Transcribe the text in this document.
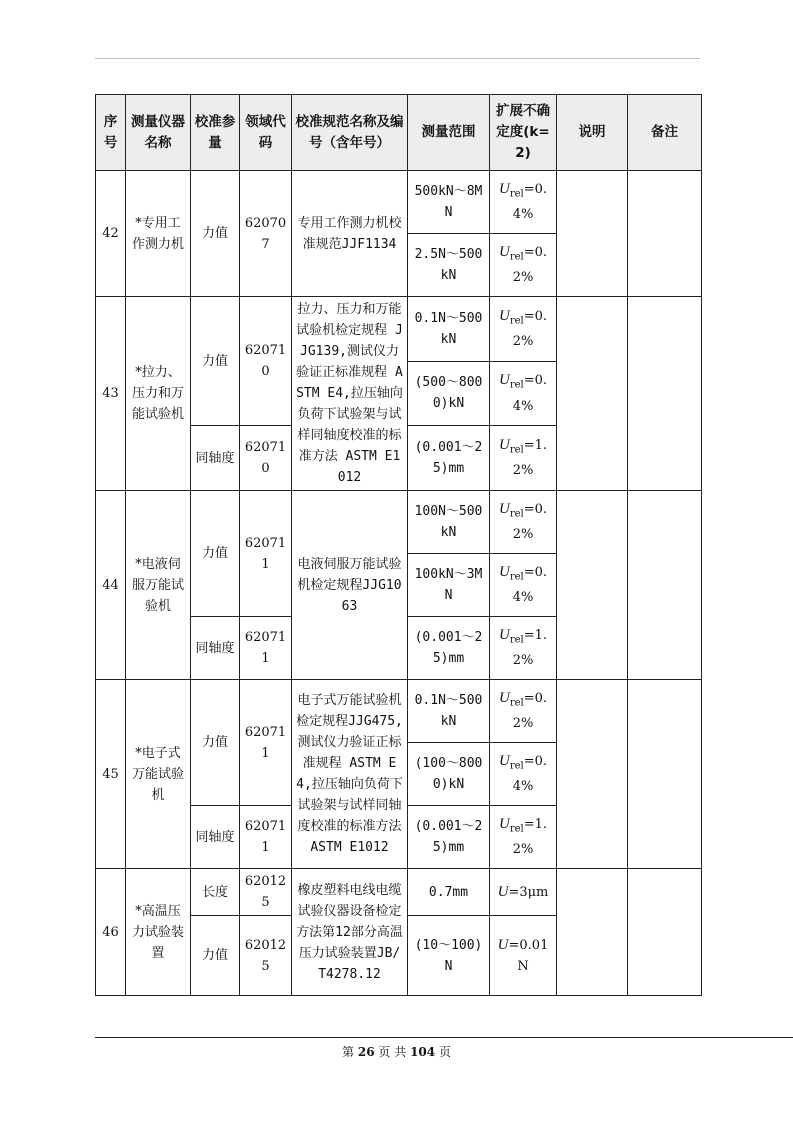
序号	测量仪器名称	校准参量	领域代码	校准规范名称及编号（含年号）	测量范围	扩展不确定度(k=2)	说明	备注
42	*专用工作测力机	力值	620707	专用工作测力机校准规范JJF1134	500kN～8MN	$U_{rel}=0.4\%$		
					2.5N～500kN	$U_{rel}=0.2\%$		
43	*拉力、压力和万能试验机	力值	620710	拉力、压力和万能试验机检定规程 JJG139,测试仪力验证正标准规程 ASTM E4,拉压轴向负荷下试验架与试样同轴度校准的标准方法 ASTM E1012	0.1N～500kN	$U_{rel}=0.2\%$		
					(500～8000)kN	$U_{rel}=0.4\%$		
		同轴度	620710		(0.001～25)mm	$U_{rel}=1.2\%$		
44	*电液伺服万能试验机	力值	620711	电液伺服万能试验机检定规程JJG1063	100N～500kN	$U_{rel}=0.2\%$		
					100kN～3MN	$U_{rel}=0.4\%$		
		同轴度	620711		(0.001～25)mm	$U_{rel}=1.2\%$		
45	*电子式万能试验机	力值	620711	电子式万能试验机检定规程JJG475,测试仪力验证正标准规程 ASTM E4,拉压轴向负荷下试验架与试样同轴度校准的标准方法 ASTM E1012	0.1N～500kN	$U_{rel}=0.2\%$		
					(100～8000)kN	$U_{rel}=0.4\%$		
		同轴度	620711		(0.001～25)mm	$U_{rel}=1.2\%$		
46	*高温压力试验装置	长度	620125	橡皮塑料电线电缆试验仪器设备检定方法第12部分高温压力试验装置JB/T4278.12	0.7mm	U=3μm		
		力值	620125		(10～100)N	U=0.01N		
第 26 页 共 104 页
